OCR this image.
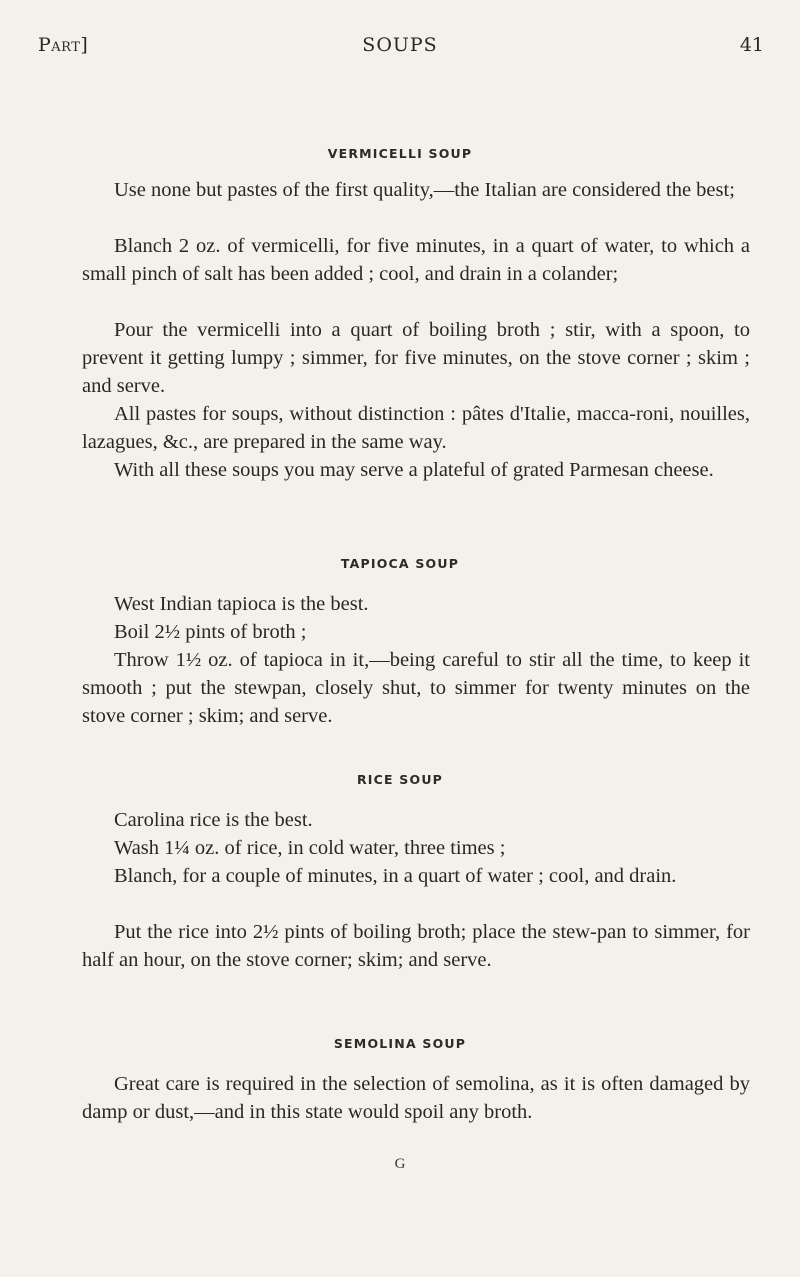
Part]	SOUPS	41
VERMICELLI SOUP

Use none but pastes of the first quality,—the Italian are considered the best;

Blanch 2 oz. of vermicelli, for five minutes, in a quart of water, to which a small pinch of salt has been added ; cool, and drain in a colander;

Pour the vermicelli into a quart of boiling broth ; stir, with a spoon, to prevent it getting lumpy ; simmer, for five minutes, on the stove corner ; skim ; and serve.

All pastes for soups, without distinction : pâtes d'Italie, macca-roni, nouilles, lazagues, &c., are prepared in the same way.

With all these soups you may serve a plateful of grated Parmesan cheese.

TAPIOCA SOUP

West Indian tapioca is the best.

Boil 2½ pints of broth ;

Throw 1½ oz. of tapioca in it,—being careful to stir all the time, to keep it smooth ; put the stewpan, closely shut, to simmer for twenty minutes on the stove corner ; skim; and serve.

RICE SOUP

Carolina rice is the best.

Wash 1¼ oz. of rice, in cold water, three times ;

Blanch, for a couple of minutes, in a quart of water ; cool, and drain.

Put the rice into 2½ pints of boiling broth; place the stew-pan to simmer, for half an hour, on the stove corner; skim; and serve.

SEMOLINA SOUP

Great care is required in the selection of semolina, as it is often damaged by damp or dust,—and in this state would spoil any broth.

G
